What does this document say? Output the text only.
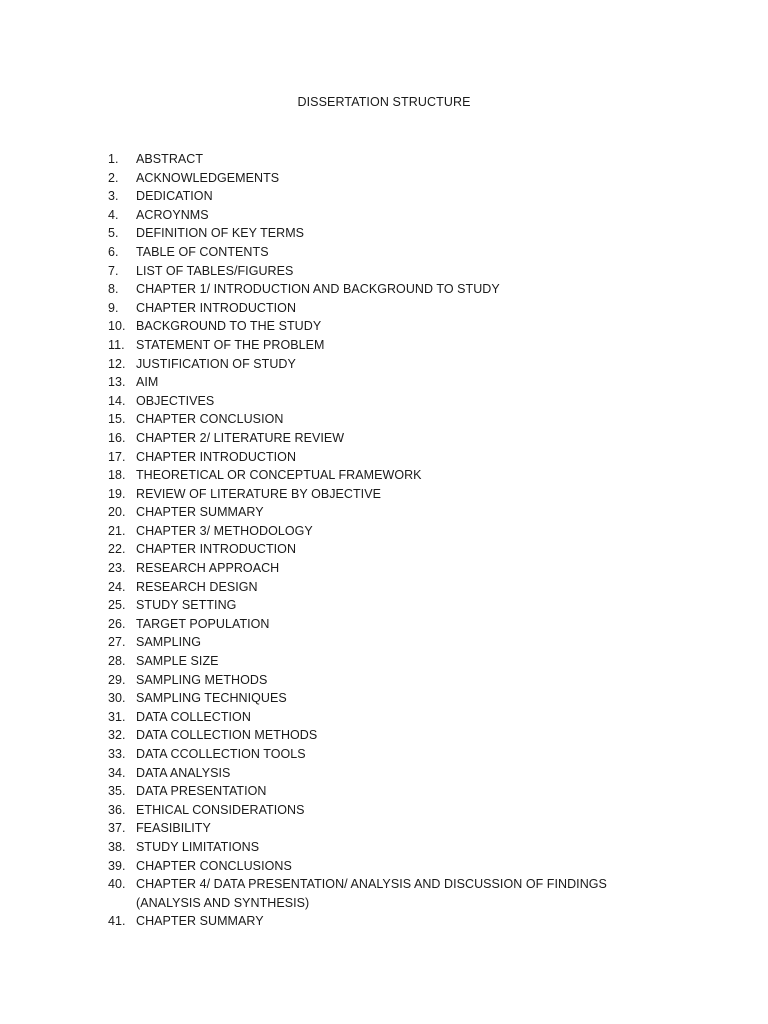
DISSERTATION STRUCTURE
1.	ABSTRACT
2.	ACKNOWLEDGEMENTS
3.	DEDICATION
4.	ACROYNMS
5.	DEFINITION OF KEY TERMS
6.	TABLE OF CONTENTS
7.	LIST OF TABLES/FIGURES
8.	CHAPTER 1/ INTRODUCTION AND BACKGROUND TO STUDY
9.	CHAPTER INTRODUCTION
10. BACKGROUND TO THE STUDY
11. STATEMENT OF THE PROBLEM
12. JUSTIFICATION OF STUDY
13. AIM
14. OBJECTIVES
15. CHAPTER CONCLUSION
16. CHAPTER 2/ LITERATURE REVIEW
17. CHAPTER INTRODUCTION
18. THEORETICAL OR CONCEPTUAL FRAMEWORK
19. REVIEW OF LITERATURE BY OBJECTIVE
20. CHAPTER SUMMARY
21. CHAPTER 3/ METHODOLOGY
22. CHAPTER INTRODUCTION
23. RESEARCH APPROACH
24. RESEARCH DESIGN
25. STUDY SETTING
26. TARGET POPULATION
27. SAMPLING
28. SAMPLE SIZE
29. SAMPLING METHODS
30. SAMPLING TECHNIQUES
31. DATA COLLECTION
32. DATA COLLECTION METHODS
33. DATA CCOLLECTION TOOLS
34. DATA ANALYSIS
35. DATA PRESENTATION
36. ETHICAL CONSIDERATIONS
37. FEASIBILITY
38. STUDY LIMITATIONS
39. CHAPTER CONCLUSIONS
40. CHAPTER 4/ DATA PRESENTATION/ ANALYSIS AND DISCUSSION OF FINDINGS (ANALYSIS AND SYNTHESIS)
41. CHAPTER SUMMARY
